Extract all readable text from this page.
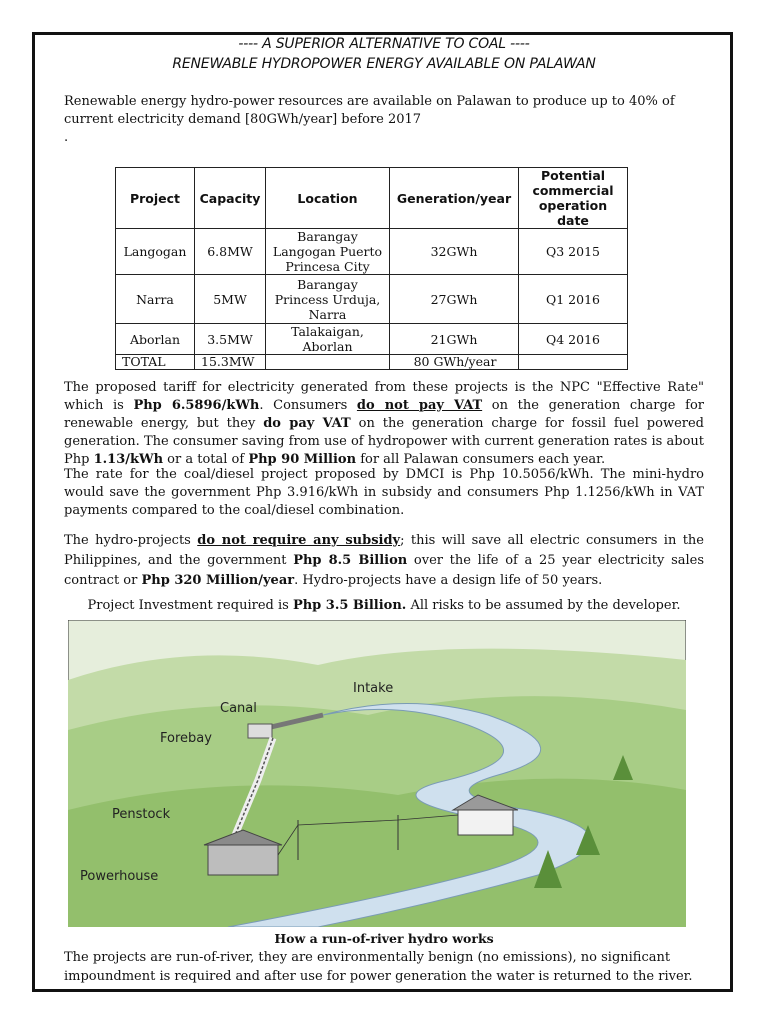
---- A SUPERIOR ALTERNATIVE TO COAL ----
RENEWABLE HYDROPOWER ENERGY AVAILABLE ON PALAWAN
Renewable energy hydro-power resources are available on Palawan to produce up to 40% of
current electricity demand [80GWh/year] before 2017
.
Project	Capacity	Location	Generation/year	Potential commercial operation date
Langogan	6.8MW	Barangay Langogan Puerto Princesa City	32GWh	Q3 2015
Narra	5MW	Barangay Princess Urduja, Narra	27GWh	Q1 2016
Aborlan	3.5MW	Talakaigan, Aborlan	21GWh	Q4 2016
TOTAL	15.3MW		80 GWh/year	
The proposed tariff for electricity generated from these projects is the NPC "Effective Rate" which is Php 6.5896/kWh. Consumers do not pay VAT on the generation charge for renewable energy, but they do pay VAT on the generation charge for fossil fuel powered generation. The consumer saving from use of hydropower with current generation rates is about Php 1.13/kWh or a total of Php 90 Million for all Palawan consumers each year.
The rate for the coal/diesel project proposed by DMCI is Php 10.5056/kWh. The mini-hydro would save the government Php 3.916/kWh in subsidy and consumers Php 1.1256/kWh in VAT payments compared to the coal/diesel combination.
The hydro-projects do not require any subsidy; this will save all electric consumers in the Philippines, and the government Php 8.5 Billion over the life of a 25 year electricity sales contract or Php 320 Million/year. Hydro-projects have a design life of 50 years.
Project Investment required is Php 3.5 Billion. All risks to be assumed by the developer.
Intake
Canal
Forebay
Penstock
Powerhouse
How a run-of-river hydro works
The projects are run-of-river, they are environmentally benign (no emissions), no significant impoundment is required and after use for power generation the water is returned to the river.
